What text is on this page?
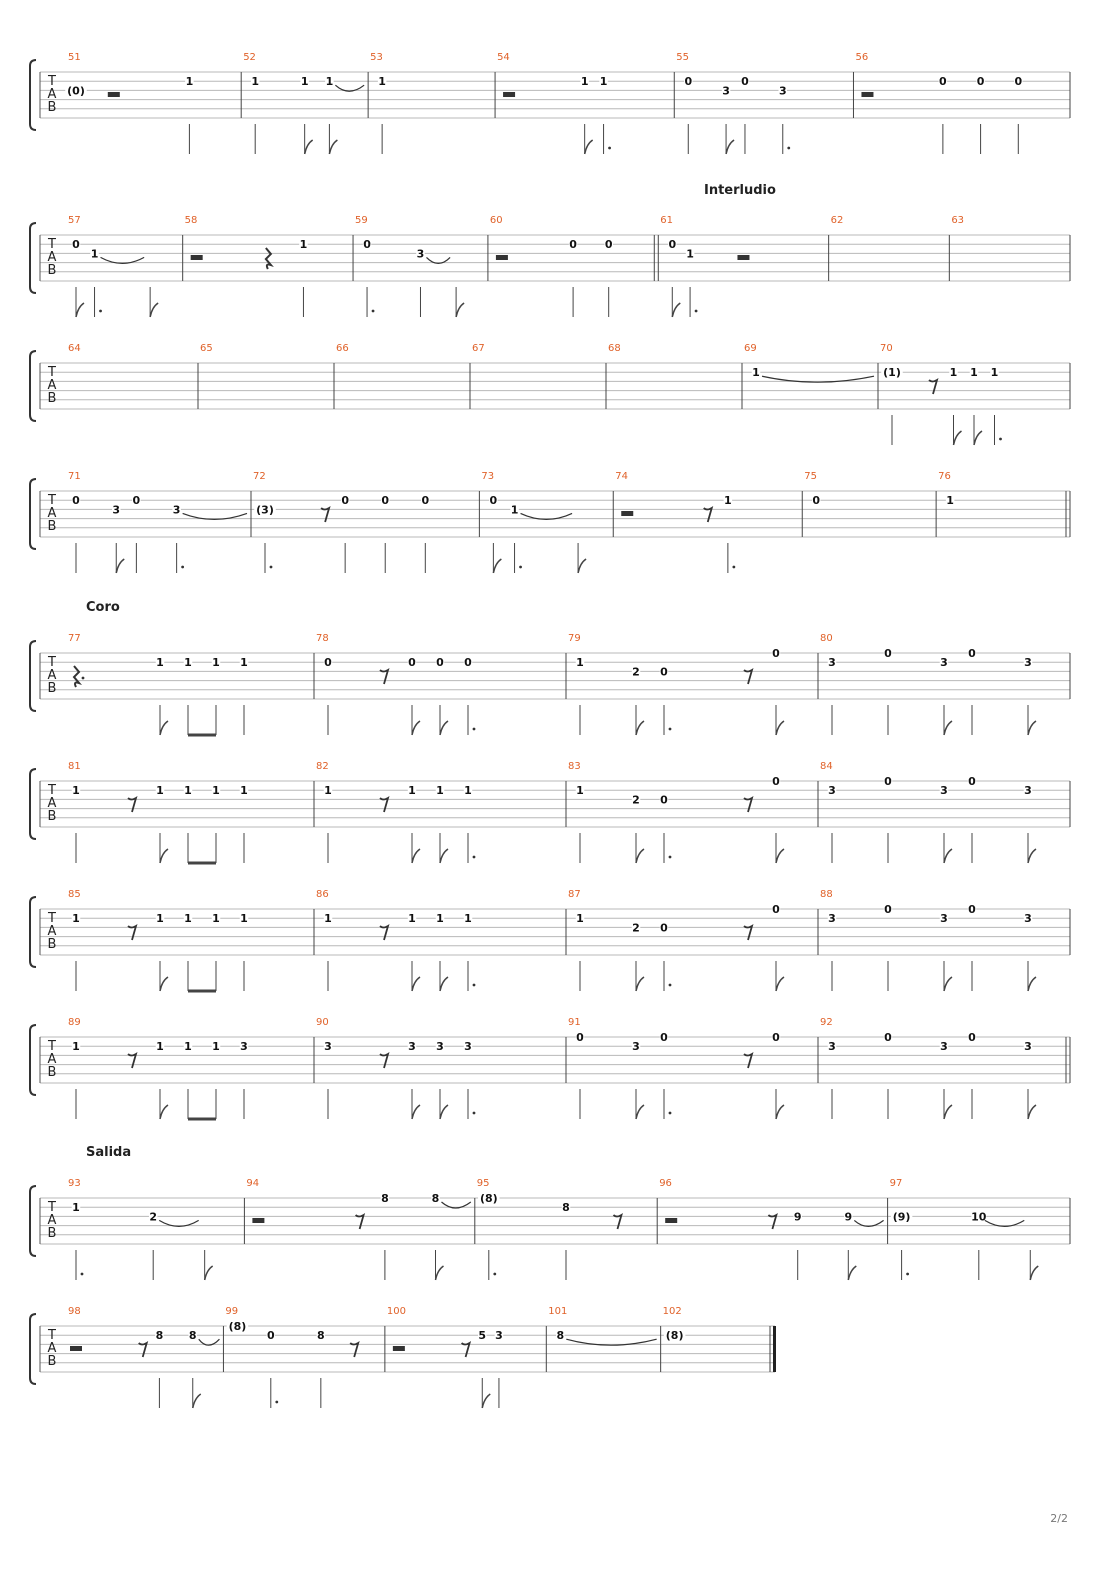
Interludio
Coro
Salida
T
A
B
51
(0)
1
52
1	1 1
53
1
54
1 1
55
0
3
0
3
56
0	0	0
T
A
B
57
0
1
58
1
59
0
3
60
0	0
61
0
1
62	63
T
A
B
64	65	66	67	68	69
1
70
(1)	1 1 1
T
A
B
71
0
3
0
3
72
(3)
0	0	0
73
0
1
74
1
75
0
76
1
T
A
B
77
1 1 1 1
78
0	0 0 0
79
1
2 0
0
80
3
0
3
0
3
T
A
B
81
1	1 1 1 1
82
1	1 1 1
83
1
2 0
0
84
3
0
3
0
3
T
A
B
85
1	1 1 1 1
86
1	1 1 1
87
1
2 0
0
88
3
0
3
0
3
T
A
B
89
1	1 1 1 3
90
3	3 3 3
91
0
3
0	0
92
3
0
3
0
3
T
A
B
93
1
2
94
8	8
95
(8)
8
96
9	9
97
(9)	10
T
A
B
98
8 8
99
(8)
0	8
100
5 3
101
8
102
(8)
2/2
